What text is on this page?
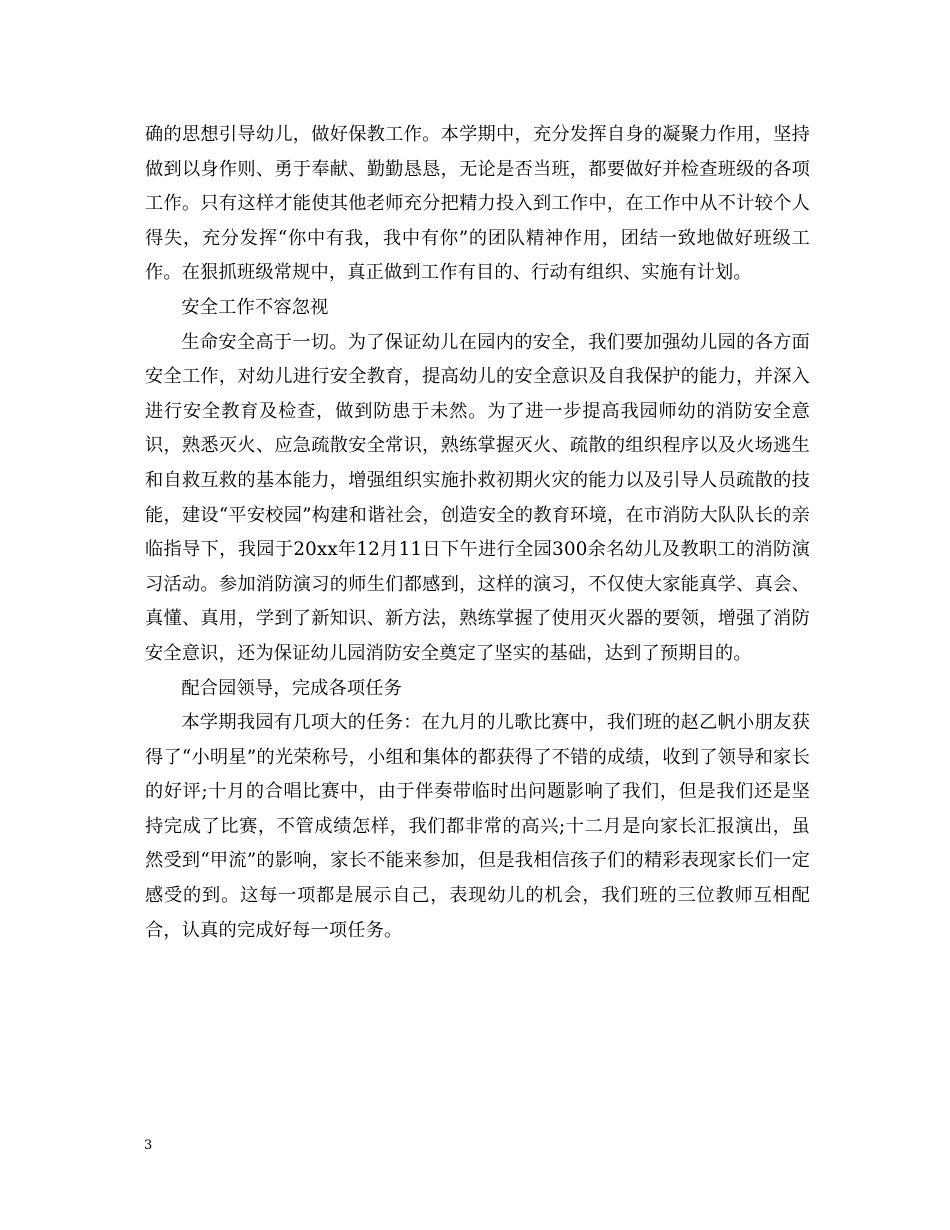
确的思想引导幼儿，做好保教工作。本学期中，充分发挥自身的凝聚力作用，坚持做到以身作则、勇于奉献、勤勤恳恳，无论是否当班，都要做好并检查班级的各项工作。只有这样才能使其他老师充分把精力投入到工作中，在工作中从不计较个人得失，充分发挥“你中有我，我中有你”的团队精神作用，团结一致地做好班级工作。在狠抓班级常规中，真正做到工作有目的、行动有组织、实施有计划。

安全工作不容忽视

生命安全高于一切。为了保证幼儿在园内的安全，我们要加强幼儿园的各方面安全工作，对幼儿进行安全教育，提高幼儿的安全意识及自我保护的能力，并深入进行安全教育及检查，做到防患于未然。为了进一步提高我园师幼的消防安全意识，熟悉灭火、应急疏散安全常识，熟练掌握灭火、疏散的组织程序以及火场逃生和自救互救的基本能力，增强组织实施扑救初期火灾的能力以及引导人员疏散的技能，建设“平安校园”构建和谐社会，创造安全的教育环境，在市消防大队队长的亲临指导下，我园于20xx年12月11日下午进行全园300余名幼儿及教职工的消防演习活动。参加消防演习的师生们都感到，这样的演习，不仅使大家能真学、真会、真懂、真用，学到了新知识、新方法，熟练掌握了使用灭火器的要领，增强了消防安全意识，还为保证幼儿园消防安全奠定了坚实的基础，达到了预期目的。

配合园领导，完成各项任务

本学期我园有几项大的任务：在九月的儿歌比赛中，我们班的赵乙帆小朋友获得了“小明星”的光荣称号，小组和集体的都获得了不错的成绩，收到了领导和家长的好评;十月的合唱比赛中，由于伴奏带临时出问题影响了我们，但是我们还是坚持完成了比赛，不管成绩怎样，我们都非常的高兴;十二月是向家长汇报演出，虽然受到“甲流”的影响，家长不能来参加，但是我相信孩子们的精彩表现家长们一定感受的到。这每一项都是展示自己，表现幼儿的机会，我们班的三位教师互相配合，认真的完成好每一项任务。

3
